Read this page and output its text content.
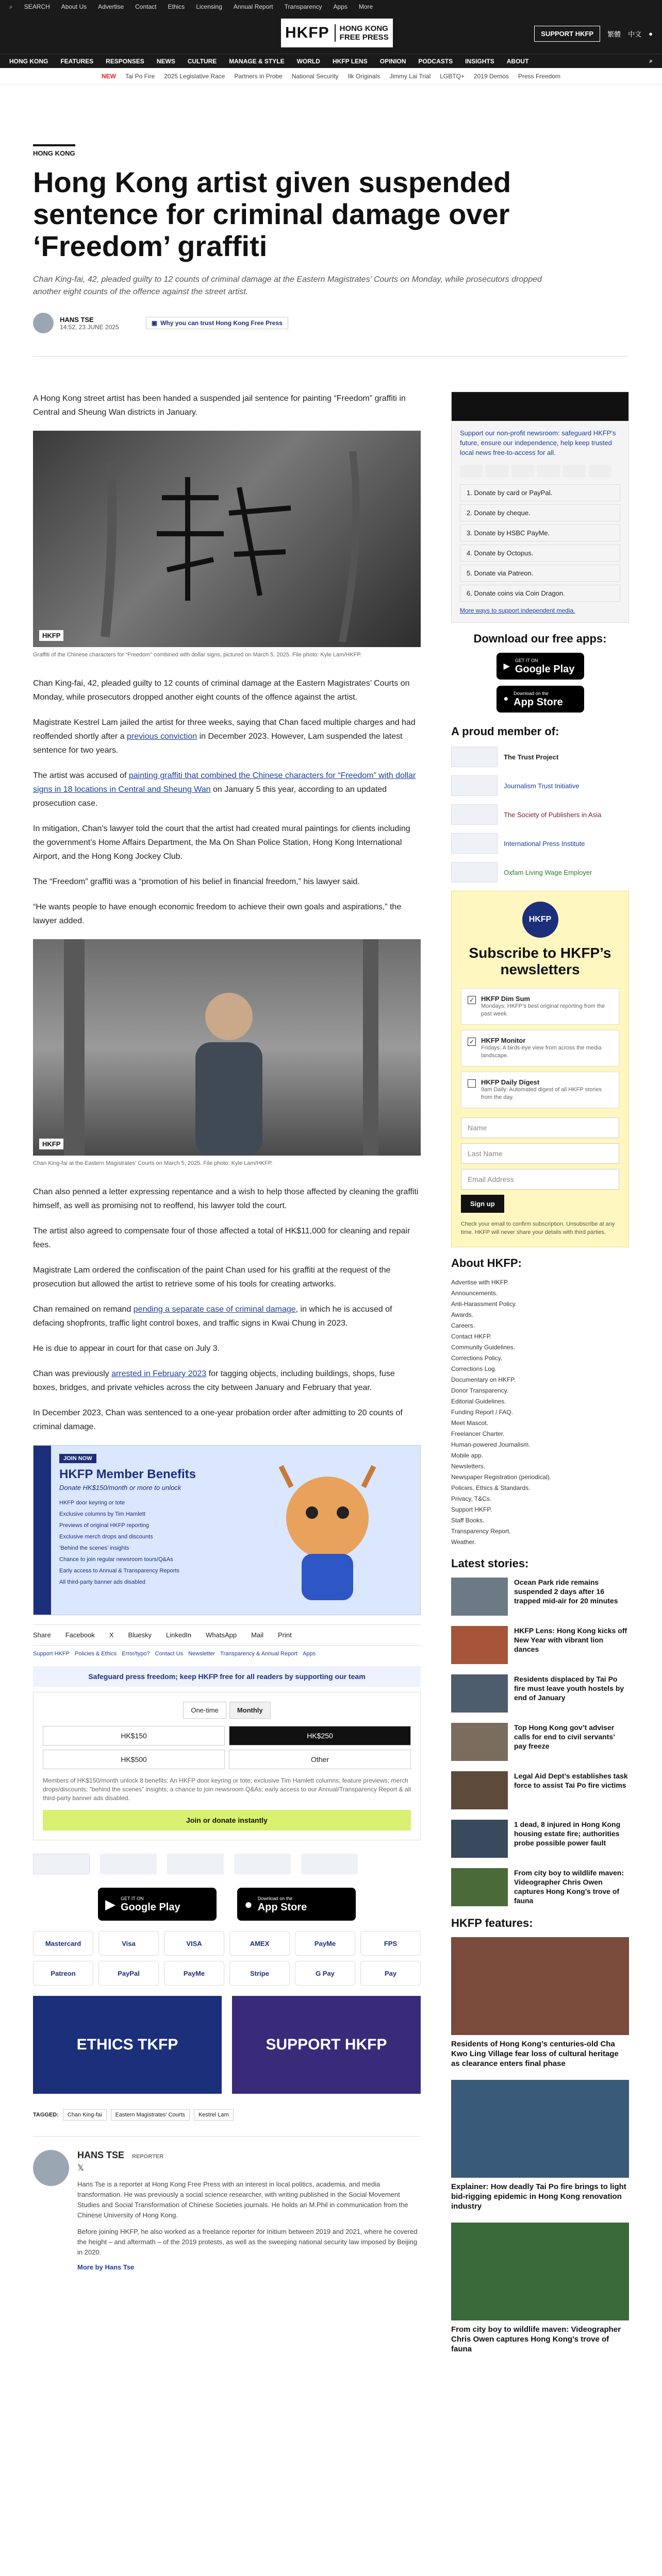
⌕ SEARCH About Us Advertise Contact Ethics Licensing Annual Report Transparency Apps More
HKFP	HONG KONG
FREE PRESS	SUPPORT HKFP	繁體 中文 ●
HONG KONG FEATURES RESPONSES NEWS CULTURE MANAGE & STYLE WORLD HKFP LENS OPINION PODCASTS INSIGHTS ABOUT	⌕
NEW Tai Po Fire 2025 Legislative Race Partners in Probe National Security Ilk Originals Jimmy Lai Trial LGBTQ+ 2019 Demos Press Freedom
HONG KONG
Hong Kong artist given suspended sentence for criminal damage over ‘Freedom’ graffiti

Chan King-fai, 42, pleaded guilty to 12 counts of criminal damage at the Eastern Magistrates’ Courts on Monday, while prosecutors dropped another eight counts of the offence against the street artist.

HANS TSE
14:52, 23 JUNE 2025
▣ Why you can trust Hong Kong Free Press

A Hong Kong street artist has been handed a suspended jail sentence for painting “Freedom” graffiti in Central and Sheung Wan districts in January.

HKFP

Graffiti of the Chinese characters for “Freedom” combined with dollar signs, pictured on March 5, 2025. File photo: Kyle Lam/HKFP.

Chan King-fai, 42, pleaded guilty to 12 counts of criminal damage at the Eastern Magistrates’ Courts on Monday, while prosecutors dropped another eight counts of the offence against the artist.

Magistrate Kestrel Lam jailed the artist for three weeks, saying that Chan faced multiple charges and had reoffended shortly after a previous conviction in December 2023. However, Lam suspended the latest sentence for two years.

The artist was accused of painting graffiti that combined the Chinese characters for “Freedom” with dollar signs in 18 locations in Central and Sheung Wan on January 5 this year, according to an updated prosecution case.

In mitigation, Chan’s lawyer told the court that the artist had created mural paintings for clients including the government’s Home Affairs Department, the Ma On Shan Police Station, Hong Kong International Airport, and the Hong Kong Jockey Club.

The “Freedom” graffiti was a “promotion of his belief in financial freedom,” his lawyer said.

“He wants people to have enough economic freedom to achieve their own goals and aspirations,” the lawyer added.

HKFP

Chan King-fai at the Eastern Magistrates’ Courts on March 5, 2025. File photo: Kyle Lam/HKFP.

Chan also penned a letter expressing repentance and a wish to help those affected by cleaning the graffiti himself, as well as promising not to reoffend, his lawyer told the court.

The artist also agreed to compensate four of those affected a total of HK$11,000 for cleaning and repair fees.

Magistrate Lam ordered the confiscation of the paint Chan used for his graffiti at the request of the prosecution but allowed the artist to retrieve some of his tools for creating artworks.

Chan remained on remand pending a separate case of criminal damage, in which he is accused of defacing shopfronts, traffic light control boxes, and traffic signs in Kwai Chung in 2023.

He is due to appear in court for that case on July 3.

Chan was previously arrested in February 2023 for tagging objects, including buildings, shops, fuse boxes, bridges, and private vehicles across the city between January and February that year.

In December 2023, Chan was sentenced to a one-year probation order after admitting to 20 counts of criminal damage.

JOIN NOW
HKFP Member Benefits
Donate HK$150/month or more to unlock
HKFP door keyring or tote
Exclusive columns by Tim Hamlett
Previews of original HKFP reporting
Exclusive merch drops and discounts
‘Behind the scenes’ insights
Chance to join regular newsroom tours/Q&As
Early access to Annual & Transparency Reports
All third-party banner ads disabled
Share Facebook X Bluesky LinkedIn WhatsApp Mail Print
Support HKFP Policies & Ethics Error/typo? Contact Us Newsletter Transparency & Annual Report Apps
Safeguard press freedom; keep HKFP free for all readers by supporting our team
One-time	Monthly
HK$150	HK$250
HK$500	Other

Members of HK$150/month unlock 8 benefits: An HKFP door keyring or tote; exclusive Tim Hamlett columns; feature previews; merch drops/discounts; “behind the scenes” insights; a chance to join newsroom Q&As; early access to our Annual/Transparency Report & all third-party banner ads disabled.

Join or donate instantly
▶ GET IT ON
Google Play	● Download on the
App Store
Mastercard	Visa	VISA	AMEX	PayMe	FPS
Patreon	PayPal	PayMe	Stripe	G Pay	Pay
ETHICS TKFP	SUPPORT HKFP
TAGGED:	Chan King-fai	Eastern Magistrates' Courts	Kestrel Lam
HANS TSE REPORTER
𝕏

Hans Tse is a reporter at Hong Kong Free Press with an interest in local politics, academia, and media transformation. He was previously a social science researcher, with writing published in the Social Movement Studies and Social Transformation of Chinese Societies journals. He holds an M.Phil in communication from the Chinese University of Hong Kong.

Before joining HKFP, he also worked as a freelance reporter for Initium between 2019 and 2021, where he covered the height – and aftermath – of the 2019 protests, as well as the sweeping national security law imposed by Beijing in 2020.

More by Hans Tse

Support our non-profit newsroom: safeguard HKFP’s future, ensure our independence, help keep trusted local news free-to-access for all.

1. Donate by card or PayPal.
2. Donate by cheque.
3. Donate by HSBC PayMe.
4. Donate by Octopus.
5. Donate via Patreon.
6. Donate coins via Coin Dragon.
More ways to support independent media.
Download our free apps:
▶
GET IT ON
Google Play
●
Download on the
App Store
A proud member of:
The Trust Project
Journalism Trust Initiative
The Society of Publishers in Asia
International Press Institute
Oxfam Living Wage Employer
HKFP
Subscribe to HKFP’s newsletters
✓ HKFP Dim Sum
Mondays: HKFP’s best original reporting from the past week.
✓ HKFP Monitor
Fridays: A birds-eye view from across the media landscape.
HKFP Daily Digest
9am Daily: Automated digest of all HKFP stories from the day.
Name
Last Name
Email Address
Sign up

Check your email to confirm subscription. Unsubscribe at any time. HKFP will never share your details with third parties.

About HKFP:
Advertise with HKFP.
Announcements.
Anti-Harassment Policy.
Awards.
Careers.
Contact HKFP.
Community Guidelines.
Corrections Policy.
Corrections Log.
Documentary on HKFP.
Donor Transparency.
Editorial Guidelines.
Funding Report / FAQ.
Meet Mascot.
Freelancer Charter.
Human-powered Journalism.
Mobile app.
Newsletters.
Newspaper Registration (periodical).
Policies, Ethics & Standards.
Privacy, T&Cs.
Support HKFP.
Staff Books.
Transparency Report.
Weather.
Latest stories:
Ocean Park ride remains suspended 2 days after 16 trapped mid-air for 20 minutes
HKFP Lens: Hong Kong kicks off New Year with vibrant lion dances
Residents displaced by Tai Po fire must leave youth hostels by end of January
Top Hong Kong gov’t adviser calls for end to civil servants’ pay freeze
Legal Aid Dept’s establishes task force to assist Tai Po fire victims
1 dead, 8 injured in Hong Kong housing estate fire; authorities probe possible power fault
From city boy to wildlife maven: Videographer Chris Owen captures Hong Kong’s trove of fauna
HKFP features:
Residents of Hong Kong’s centuries-old Cha Kwo Ling Village fear loss of cultural heritage as clearance enters final phase
Explainer: How deadly Tai Po fire brings to light bid-rigging epidemic in Hong Kong renovation industry
From city boy to wildlife maven: Videographer Chris Owen captures Hong Kong’s trove of fauna
